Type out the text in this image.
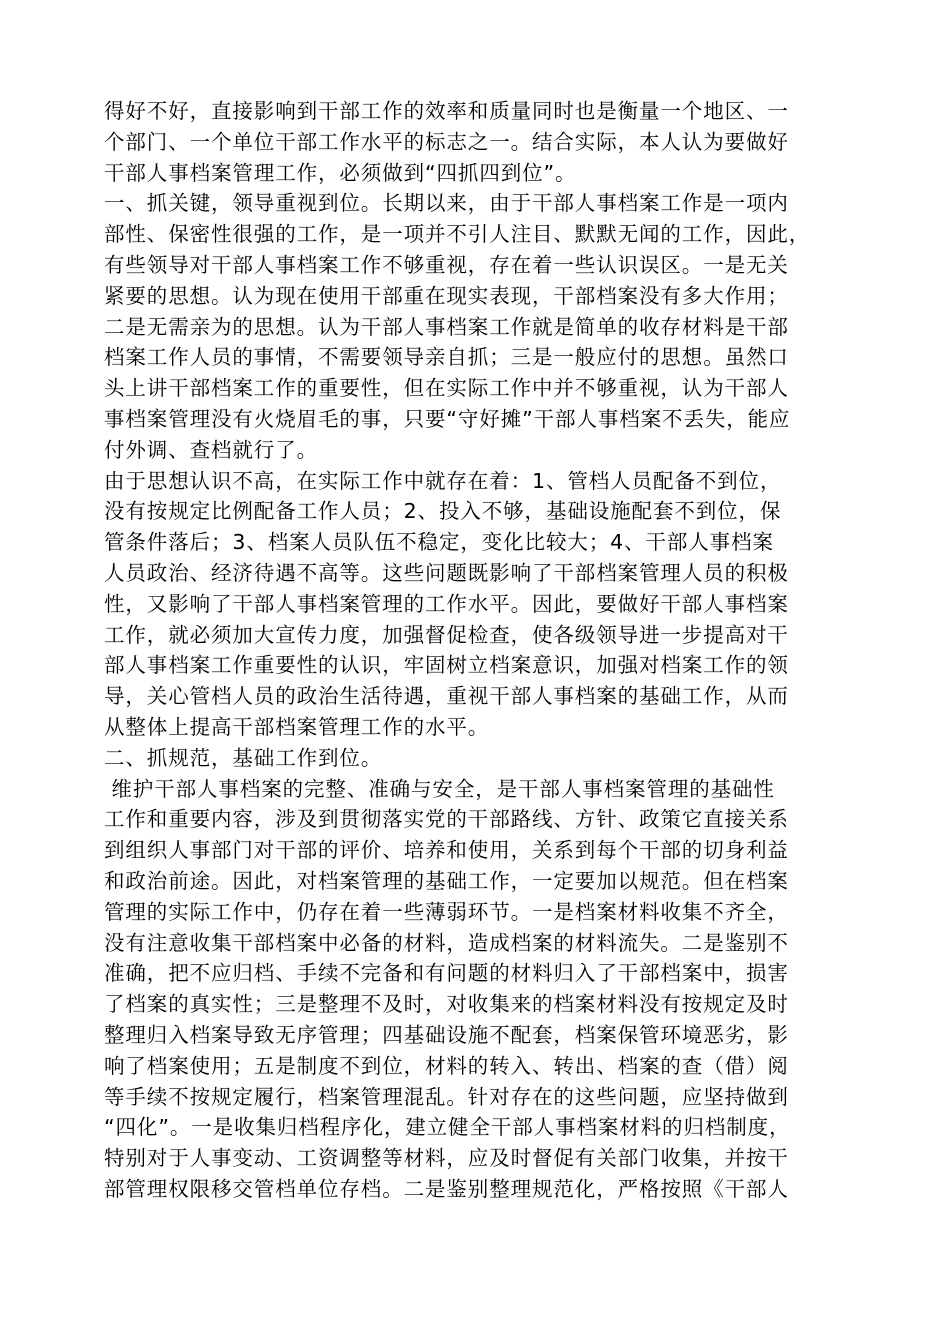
得好不好，直接影响到干部工作的效率和质量同时也是衡量一个地区、一
个部门、一个单位干部工作水平的标志之一。结合实际，本人认为要做好
干部人事档案管理工作，必须做到“四抓四到位”。
一、抓关键，领导重视到位。长期以来，由于干部人事档案工作是一项内
部性、保密性很强的工作，是一项并不引人注目、默默无闻的工作，因此，
有些领导对干部人事档案工作不够重视，存在着一些认识误区。一是无关
紧要的思想。认为现在使用干部重在现实表现，干部档案没有多大作用；
二是无需亲为的思想。认为干部人事档案工作就是简单的收存材料是干部
档案工作人员的事情，不需要领导亲自抓；三是一般应付的思想。虽然口
头上讲干部档案工作的重要性，但在实际工作中并不够重视，认为干部人
事档案管理没有火烧眉毛的事，只要“守好摊”干部人事档案不丢失，能应
付外调、查档就行了。
由于思想认识不高，在实际工作中就存在着：1、管档人员配备不到位，
没有按规定比例配备工作人员；2、投入不够，基础设施配套不到位，保
管条件落后；3、档案人员队伍不稳定，变化比较大；4、干部人事档案
人员政治、经济待遇不高等。这些问题既影响了干部档案管理人员的积极
性，又影响了干部人事档案管理的工作水平。因此，要做好干部人事档案
工作，就必须加大宣传力度，加强督促检查，使各级领导进一步提高对干
部人事档案工作重要性的认识，牢固树立档案意识，加强对档案工作的领
导，关心管档人员的政治生活待遇，重视干部人事档案的基础工作，从而
从整体上提高干部档案管理工作的水平。
二、抓规范，基础工作到位。
维护干部人事档案的完整、准确与安全，是干部人事档案管理的基础性
工作和重要内容，涉及到贯彻落实党的干部路线、方针、政策它直接关系
到组织人事部门对干部的评价、培养和使用，关系到每个干部的切身利益
和政治前途。因此，对档案管理的基础工作，一定要加以规范。但在档案
管理的实际工作中，仍存在着一些薄弱环节。一是档案材料收集不齐全，
没有注意收集干部档案中必备的材料，造成档案的材料流失。二是鉴别不
准确，把不应归档、手续不完备和有问题的材料归入了干部档案中，损害
了档案的真实性；三是整理不及时，对收集来的档案材料没有按规定及时
整理归入档案导致无序管理；四基础设施不配套，档案保管环境恶劣，影
响了档案使用；五是制度不到位，材料的转入、转出、档案的查（借）阅
等手续不按规定履行，档案管理混乱。针对存在的这些问题，应坚持做到
“四化”。一是收集归档程序化，建立健全干部人事档案材料的归档制度，
特别对于人事变动、工资调整等材料，应及时督促有关部门收集，并按干
部管理权限移交管档单位存档。二是鉴别整理规范化，严格按照《干部人
